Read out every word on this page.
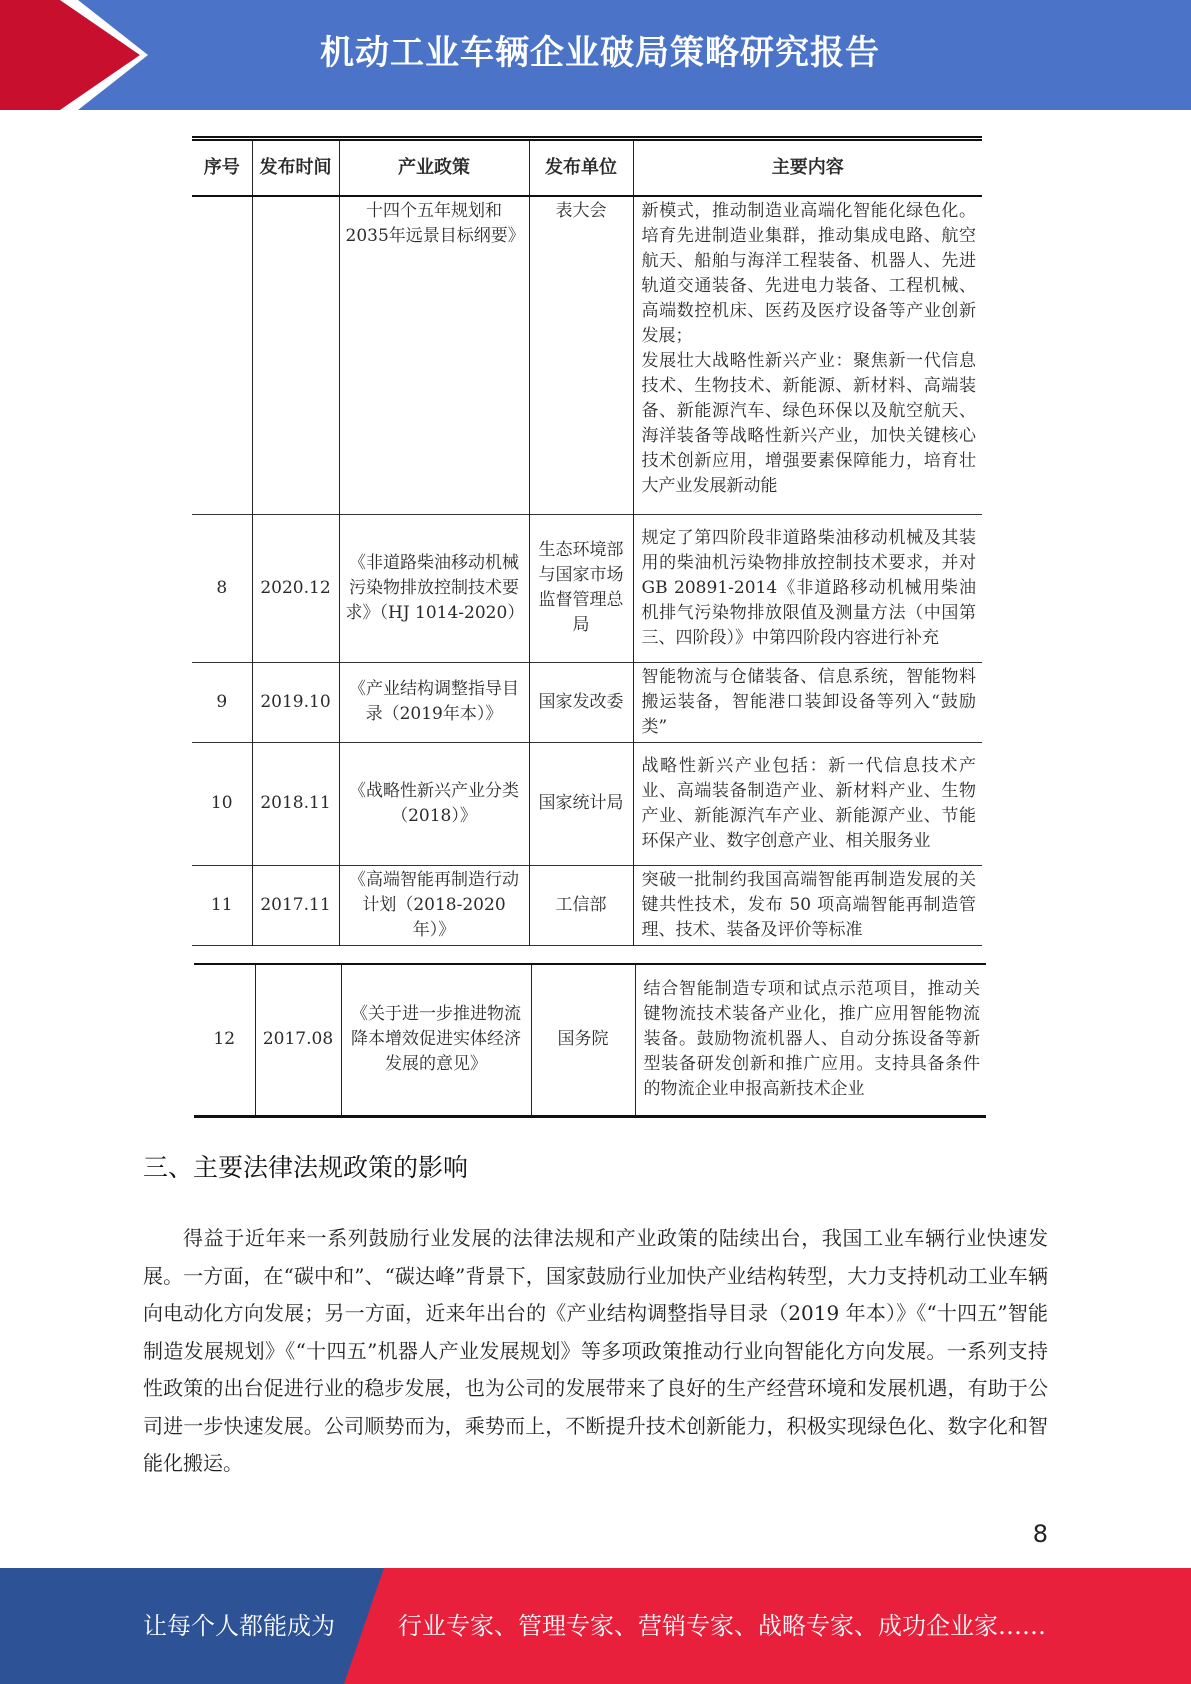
机动工业车辆企业破局策略研究报告
序号	发布时间	产业政策	发布单位	主要内容
		十四个五年规划和2035年远景目标纲要》	表大会	新模式，推动制造业高端化智能化绿色化。培育先进制造业集群，推动集成电路、航空航天、船舶与海洋工程装备、机器人、先进轨道交通装备、先进电力装备、工程机械、高端数控机床、医药及医疗设备等产业创新发展；
发展壮大战略性新兴产业：聚焦新一代信息技术、生物技术、新能源、新材料、高端装备、新能源汽车、绿色环保以及航空航天、海洋装备等战略性新兴产业，加快关键核心技术创新应用，增强要素保障能力，培育壮大产业发展新动能

8	2020.12	《非道路柴油移动机械污染物排放控制技术要求》（HJ 1014-2020）	生态环境部与国家市场监督管理总局	规定了第四阶段非道路柴油移动机械及其装用的柴油机污染物排放控制技术要求，并对 GB 20891-2014《非道路移动机械用柴油机排气污染物排放限值及测量方法（中国第三、四阶段）》中第四阶段内容进行补充
9	2019.10	《产业结构调整指导目录（2019年本）》	国家发改委	智能物流与仓储装备、信息系统，智能物料搬运装备，智能港口装卸设备等列入“鼓励类”
10	2018.11	《战略性新兴产业分类（2018）》	国家统计局	战略性新兴产业包括：新一代信息技术产业、高端装备制造产业、新材料产业、生物产业、新能源汽车产业、新能源产业、节能环保产业、数字创意产业、相关服务业
11	2017.11	《高端智能再制造行动计划（2018-2020年）》	工信部	突破一批制约我国高端智能再制造发展的关键共性技术，发布 50 项高端智能再制造管理、技术、装备及评价等标准
12	2017.08	《关于进一步推进物流降本增效促进实体经济发展的意见》	国务院	结合智能制造专项和试点示范项目，推动关键物流技术装备产业化，推广应用智能物流装备。鼓励物流机器人、自动分拣设备等新型装备研发创新和推广应用。支持具备条件的物流企业申报高新技术企业
三、主要法律法规政策的影响
得益于近年来一系列鼓励行业发展的法律法规和产业政策的陆续出台，我国工业车辆行业快速发展。一方面，在“碳中和”、“碳达峰”背景下，国家鼓励行业加快产业结构转型，大力支持机动工业车辆向电动化方向发展；另一方面，近来年出台的《产业结构调整指导目录（2019 年本）》《“十四五”智能制造发展规划》《“十四五”机器人产业发展规划》等多项政策推动行业向智能化方向发展。一系列支持性政策的出台促进行业的稳步发展，也为公司的发展带来了良好的生产经营环境和发展机遇，有助于公司进一步快速发展。公司顺势而为，乘势而上，不断提升技术创新能力，积极实现绿色化、数字化和智能化搬运。
8
让每个人都能成为	行业专家、管理专家、营销专家、战略专家、成功企业家……
